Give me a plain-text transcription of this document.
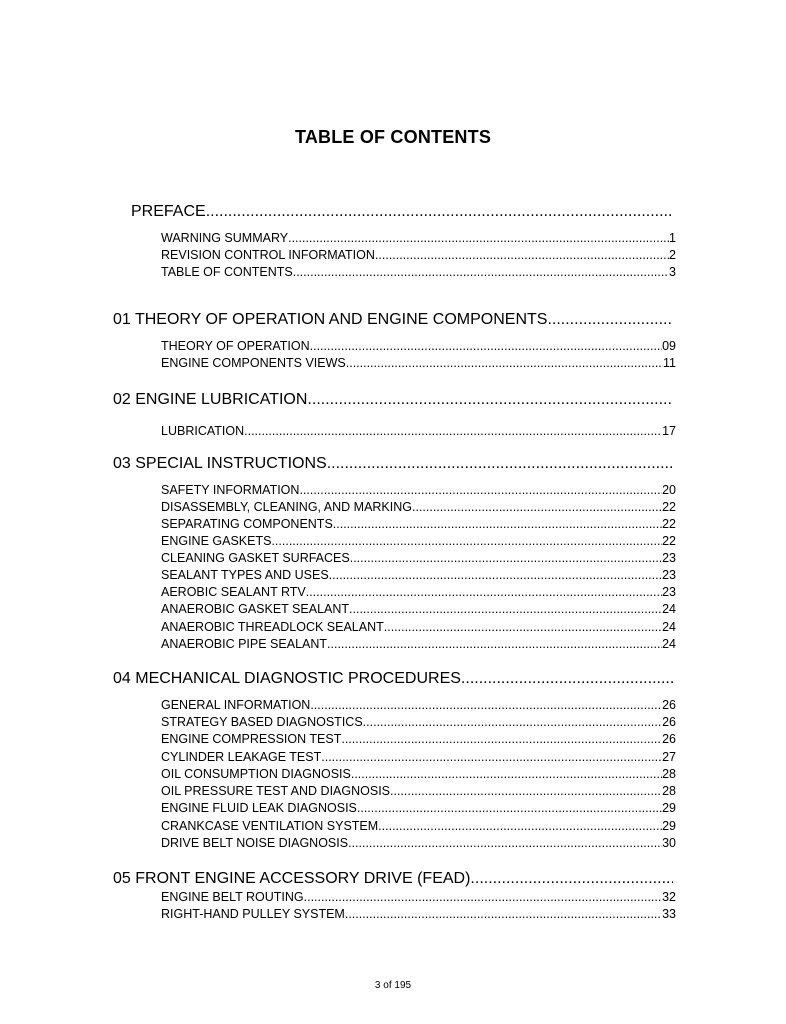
TABLE OF CONTENTS
PREFACE
.....
WARNING SUMMARY .....	1
REVISION CONTROL INFORMATION .....	2
TABLE OF CONTENTS .....	3
01 THEORY OF OPERATION AND ENGINE COMPONENTS
.....
THEORY OF OPERATION .....	09
ENGINE COMPONENTS VIEWS .....	11
02 ENGINE LUBRICATION
.....
LUBRICATION .....	17
03 SPECIAL INSTRUCTIONS
.....
SAFETY INFORMATION .....	20
DISASSEMBLY, CLEANING, AND MARKING .....	22
SEPARATING COMPONENTS .....	22
ENGINE GASKETS .....	22
CLEANING GASKET SURFACES .....	23
SEALANT TYPES AND USES .....	23
AEROBIC SEALANT RTV .....	23
ANAEROBIC GASKET SEALANT .....	24
ANAEROBIC THREADLOCK SEALANT .....	24
ANAEROBIC PIPE SEALANT .....	24
04 MECHANICAL DIAGNOSTIC PROCEDURES
.....
GENERAL INFORMATION .....	26
STRATEGY BASED DIAGNOSTICS .....	26
ENGINE COMPRESSION TEST .....	26
CYLINDER LEAKAGE TEST .....	27
OIL CONSUMPTION DIAGNOSIS .....	28
OIL PRESSURE TEST AND DIAGNOSIS .....	28
ENGINE FLUID LEAK DIAGNOSIS .....	29
CRANKCASE VENTILATION SYSTEM .....	29
DRIVE BELT NOISE DIAGNOSIS .....	30
05 FRONT ENGINE ACCESSORY DRIVE (FEAD)
.....
ENGINE BELT ROUTING .....	32
RIGHT-HAND PULLEY SYSTEM .....	33
3 of 195
